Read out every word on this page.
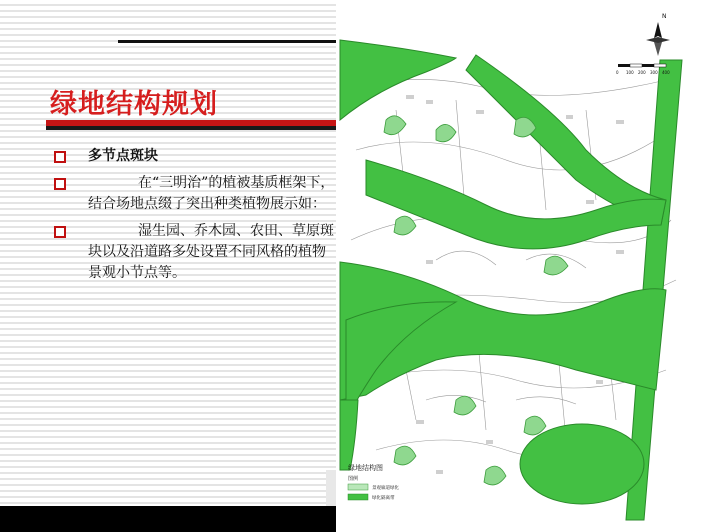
绿地结构规划
多节点斑块
在“三明治”的植被基质框架下，结合场地点缀了突出种类植物展示如：
湿生园、乔木园、农田、草原斑块以及沿道路多处设置不同风格的植物景观小节点等。
N
0 100 200 300 400
绿地结构图
图例
景观廊道绿化
绿化隔离带
